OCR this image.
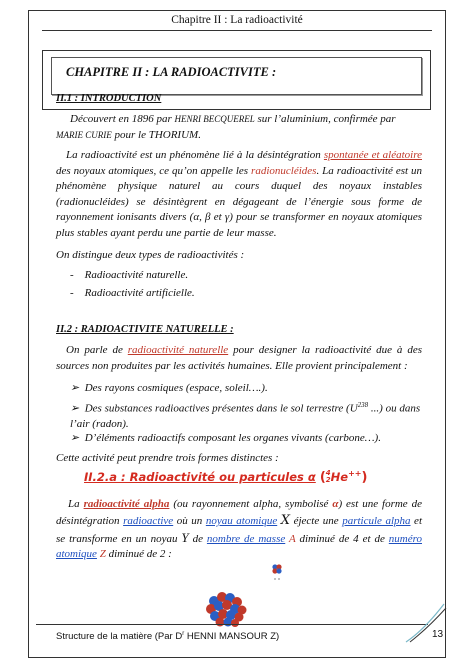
Chapitre II : La radioactivité
CHAPITRE II : LA RADIOACTIVITE :
II.1 : INTRODUCTION
Découvert en 1896 par HENRI BECQUEREL sur l’aluminium, confirmée par
MARIE CURIE pour le THORIUM.
La radioactivité est un phénomène lié à la désintégration spontanée et aléatoire des noyaux atomiques, ce qu’on appelle les radionucléides. La radioactivité est un phénomène physique naturel au cours duquel des noyaux instables (radionucléides) se désintègrent en dégageant de l’énergie sous forme de rayonnement ionisants divers (α, β et γ) pour se transformer en noyaux atomiques plus stables ayant perdu une partie de leur masse.
On distingue deux types de radioactivités :
-    Radioactivité naturelle.
-    Radioactivité artificielle.
II.2 : RADIOACTIVITE NATURELLE :
On parle de radioactivité naturelle pour designer la radioactivité due à des sources non produites par les activités humaines. Elle provient principalement :
➢  Des rayons cosmiques (espace, soleil….).
➢  Des substances radioactives présentes dans le sol terrestre ($U^{238}$ ...) ou dans l’air (radon).
➢  D’éléments radioactifs composant les organes vivants (carbone…).
Cette activité peut prendre trois formes distinctes :
II.2.a : Radioactivité ou particules α (4
2He++)
La radioactivité alpha (ou rayonnement alpha, symbolisé α) est une forme de désintégration radioactive où un noyau atomique X éjecte une particule alpha et se transforme en un noyau Y de nombre de masse A diminué de 4 et de numéro atomique Z diminué de 2 :
Structure de la matière (Par $D^r$ HENNI MANSOUR Z)	13
